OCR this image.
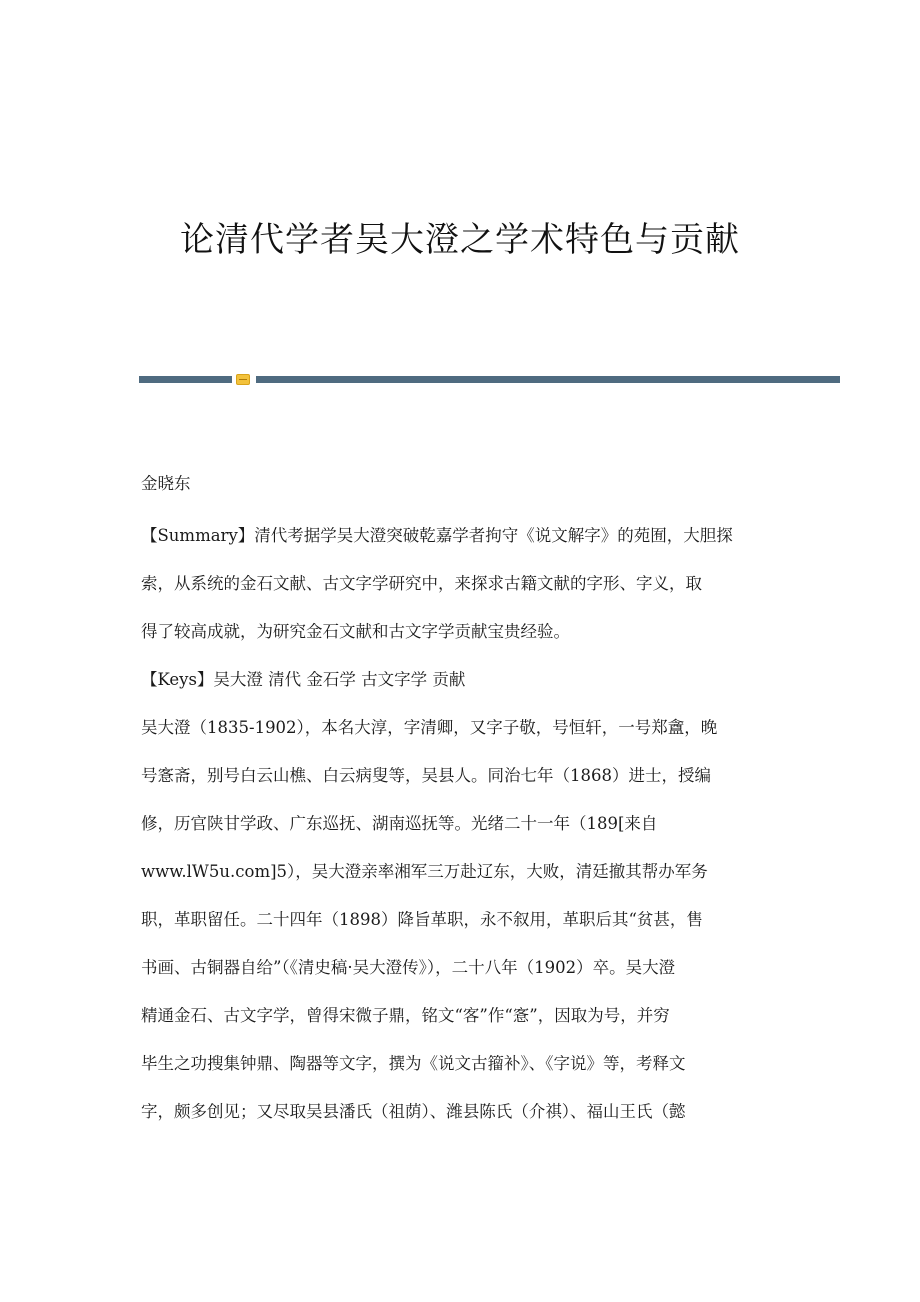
论清代学者吴大澄之学术特色与贡献
金晓东
【Summary】清代考据学吴大澄突破乾嘉学者拘守《说文解字》的苑囿，大胆探
索，从系统的金石文献、古文字学研究中，来探求古籍文献的字形、字义，取
得了较高成就，为研究金石文献和古文字学贡献宝贵经验。
【Keys】吴大澄 清代 金石学 古文字学 贡献
吴大澄（1835-1902），本名大淳，字清卿，又字子敬，号恒轩，一号郑盦，晚
号愙斋，别号白云山樵、白云病叟等，吴县人。同治七年（1868）进士，授编
修，历官陕甘学政、广东巡抚、湖南巡抚等。光绪二十一年（189[来自
www.lW5u.com]5），吴大澄亲率湘军三万赴辽东，大败，清廷撤其帮办军务
职，革职留任。二十四年（1898）降旨革职，永不叙用，革职后其“贫甚，售
书画、古铜器自给”（《清史稿·吴大澄传》），二十八年（1902）卒。吴大澄
精通金石、古文字学，曾得宋微子鼎，铭文“客”作“愙”，因取为号，并穷
毕生之功搜集钟鼎、陶器等文字，撰为《说文古籀补》、《字说》等，考释文
字，颇多创见；又尽取吴县潘氏（祖荫）、潍县陈氏（介祺）、福山王氏（懿
